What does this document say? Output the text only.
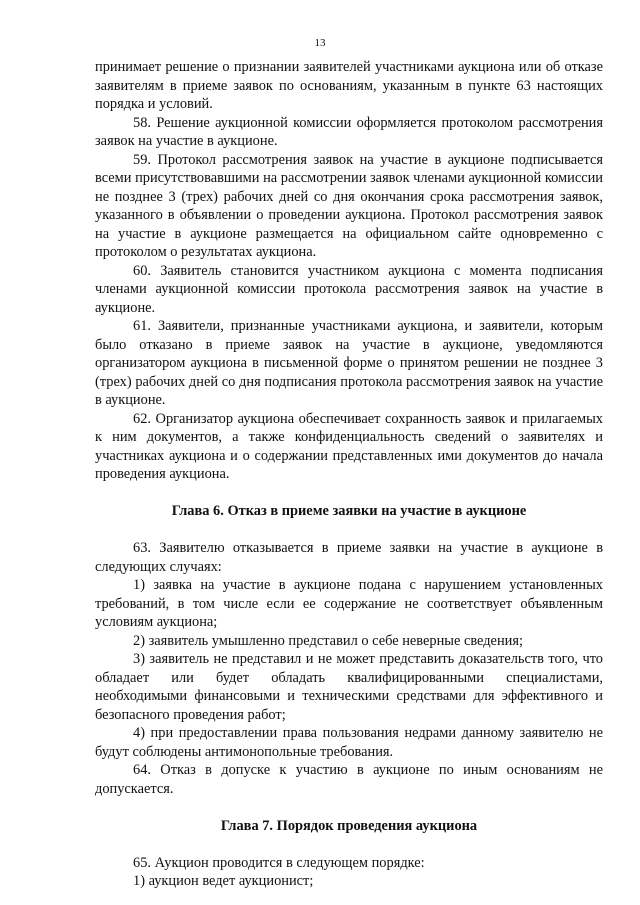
13

принимает решение о признании заявителей участниками аукциона или об отказе заявителям в приеме заявок по основаниям, указанным в пункте 63 настоящих порядка и условий.

58. Решение аукционной комиссии оформляется протоколом рассмотрения заявок на участие в аукционе.

59. Протокол рассмотрения заявок на участие в аукционе подписывается всеми присутствовавшими на рассмотрении заявок членами аукционной комиссии не позднее 3 (трех) рабочих дней со дня окончания срока рассмотрения заявок, указанного в объявлении о проведении аукциона. Протокол рассмотрения заявок на участие в аукционе размещается на официальном сайте одновременно с протоколом о результатах аукциона.

60. Заявитель становится участником аукциона с момента подписания членами аукционной комиссии протокола рассмотрения заявок на участие в аукционе.

61. Заявители, признанные участниками аукциона, и заявители, которым было отказано в приеме заявок на участие в аукционе, уведомляются организатором аукциона в письменной форме о принятом решении не позднее 3 (трех) рабочих дней со дня подписания протокола рассмотрения заявок на участие в аукционе.

62. Организатор аукциона обеспечивает сохранность заявок и прилагаемых к ним документов, а также конфиденциальность сведений о заявителях и участниках аукциона и о содержании представленных ими документов до начала проведения аукциона.

Глава 6. Отказ в приеме заявки на участие в аукционе

63. Заявителю отказывается в приеме заявки на участие в аукционе в следующих случаях:

1) заявка на участие в аукционе подана с нарушением установленных требований, в том числе если ее содержание не соответствует объявленным условиям аукциона;

2) заявитель умышленно представил о себе неверные сведения;

3) заявитель не представил и не может представить доказательств того, что обладает или будет обладать квалифицированными специалистами, необходимыми финансовыми и техническими средствами для эффективного и безопасного проведения работ;

4) при предоставлении права пользования недрами данному заявителю не будут соблюдены антимонопольные требования.

64. Отказ в допуске к участию в аукционе по иным основаниям не допускается.

Глава 7. Порядок проведения аукциона

65. Аукцион проводится в следующем порядке:

1) аукцион ведет аукционист;
